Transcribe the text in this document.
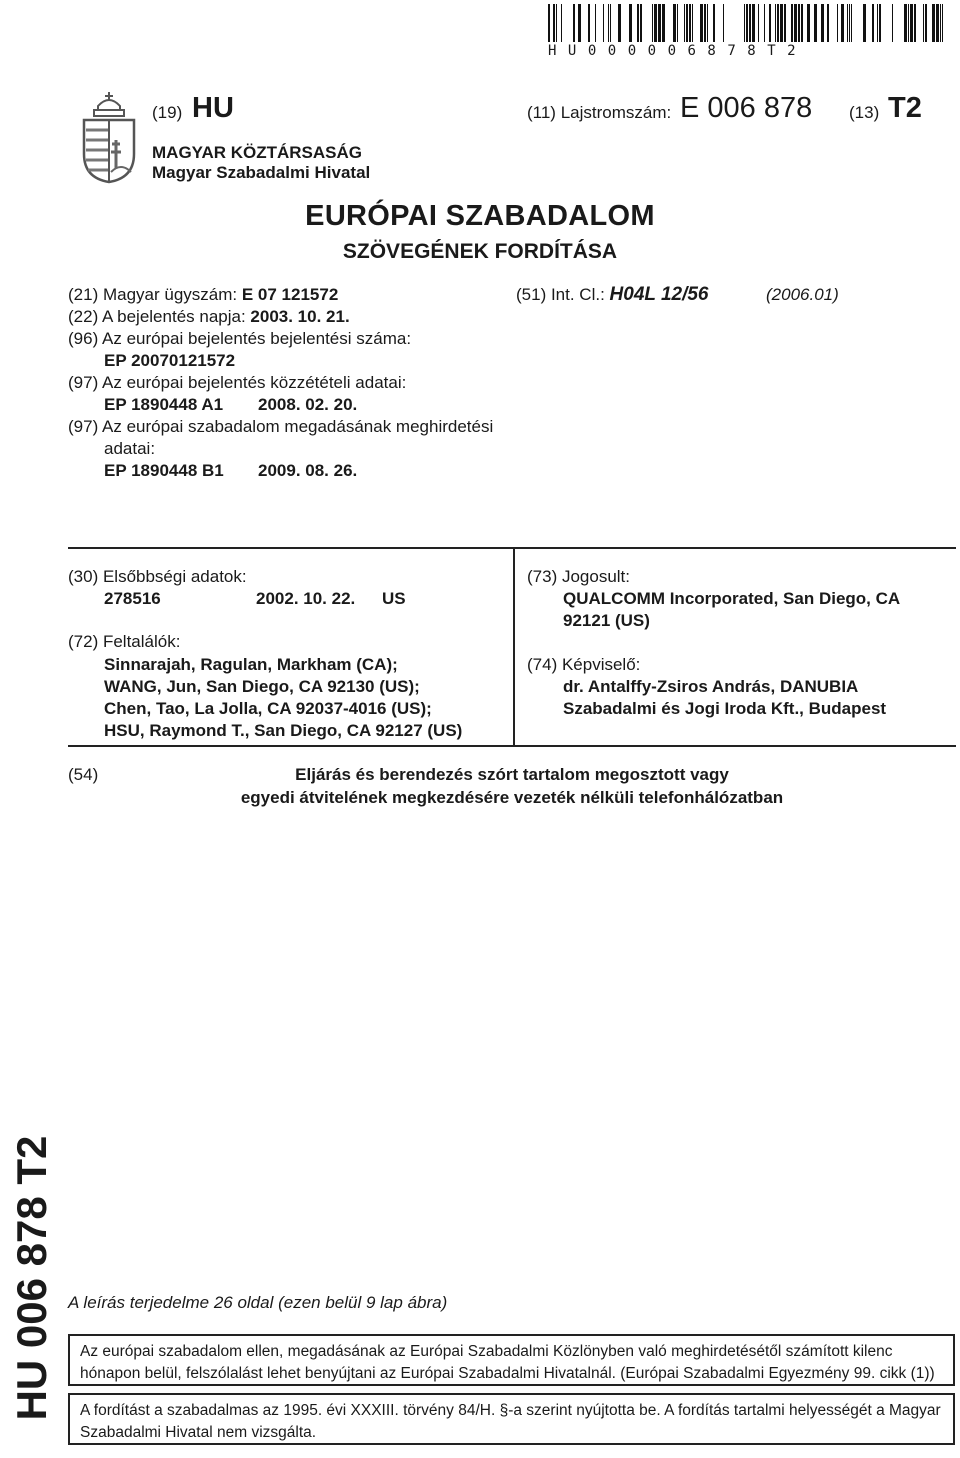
HU000006878T2
(19) HU	(11) Lajstromszám: E 006 878 (13) T2
MAGYAR KÖZTÁRSASÁG
Magyar Szabadalmi Hivatal
EURÓPAI SZABADALOM
SZÖVEGÉNEK FORDÍTÁSA
(21) Magyar ügyszám: E 07 121572
(22) A bejelentés napja: 2003. 10. 21.
(96) Az európai bejelentés bejelentési száma:
EP 20070121572
(97) Az európai bejelentés közzétételi adatai:
EP 1890448 A1 2008. 02. 20.
(97) Az európai szabadalom megadásának meghirdetési
adatai:
EP 1890448 B1 2009. 08. 26.
(51) Int. Cl.: H04L 12/56	(2006.01)
(30) Elsőbbségi adatok:
278516	2002. 10. 22. US
(72) Feltalálók:
Sinnarajah, Ragulan, Markham (CA);
WANG, Jun, San Diego, CA 92130 (US);
Chen, Tao, La Jolla, CA 92037-4016 (US);
HSU, Raymond T., San Diego, CA 92127 (US)
(73) Jogosult:
QUALCOMM Incorporated, San Diego, CA
92121 (US)
(74) Képviselő:
dr. Antalffy-Zsiros András, DANUBIA
Szabadalmi és Jogi Iroda Kft., Budapest
(54)	Eljárás és berendezés szórt tartalom megosztott vagy
egyedi átvitelének megkezdésére vezeték nélküli telefonhálózatban
HU 006 878 T2 A leírás terjedelme 26 oldal (ezen belül 9 lap ábra)
Az európai szabadalom ellen, megadásának az Európai Szabadalmi Közlönyben való meghirdetésétől számított kilenc hónapon belül, felszólalást lehet benyújtani az Európai Szabadalmi Hivatalnál. (Európai Szabadalmi Egyezmény 99. cikk (1))
A fordítást a szabadalmas az 1995. évi XXXIII. törvény 84/H. §-a szerint nyújtotta be. A fordítás tartalmi helyességét a Magyar Szabadalmi Hivatal nem vizsgálta.
